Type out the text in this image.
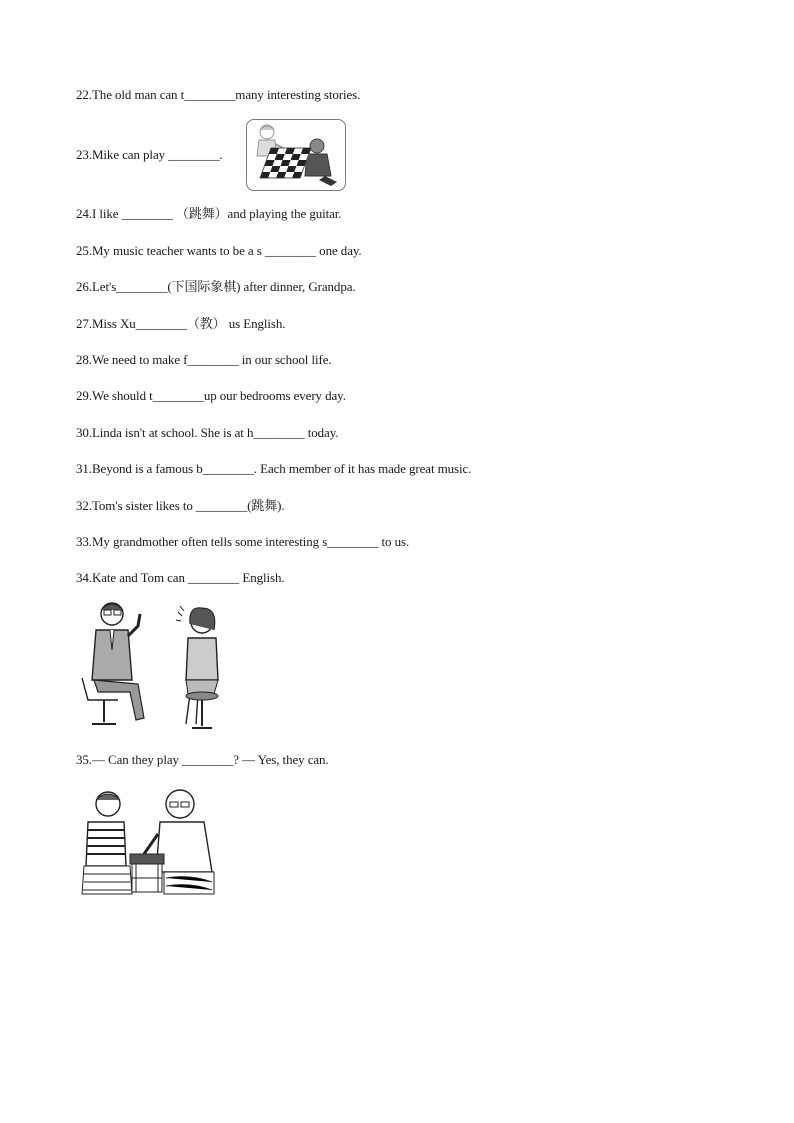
22.The old man can t________many interesting stories.
23.Mike can play ________.
24.I like ________ （跳舞）and playing the guitar.
25.My music teacher wants to be a s ________ one day.
26.Let's________(下国际象棋) after dinner, Grandpa.
27.Miss Xu________（教） us English.
28.We need to make f________ in our school life.
29.We should t________up our bedrooms every day.
30.Linda isn't at school. She is at h________ today.
31.Beyond is a famous b________. Each member of it has made great music.
32.Tom's sister likes to ________(跳舞).
33.My grandmother often tells some interesting s________ to us.
34.Kate and Tom can ________ English.
35.— Can they play ________? — Yes, they can.
